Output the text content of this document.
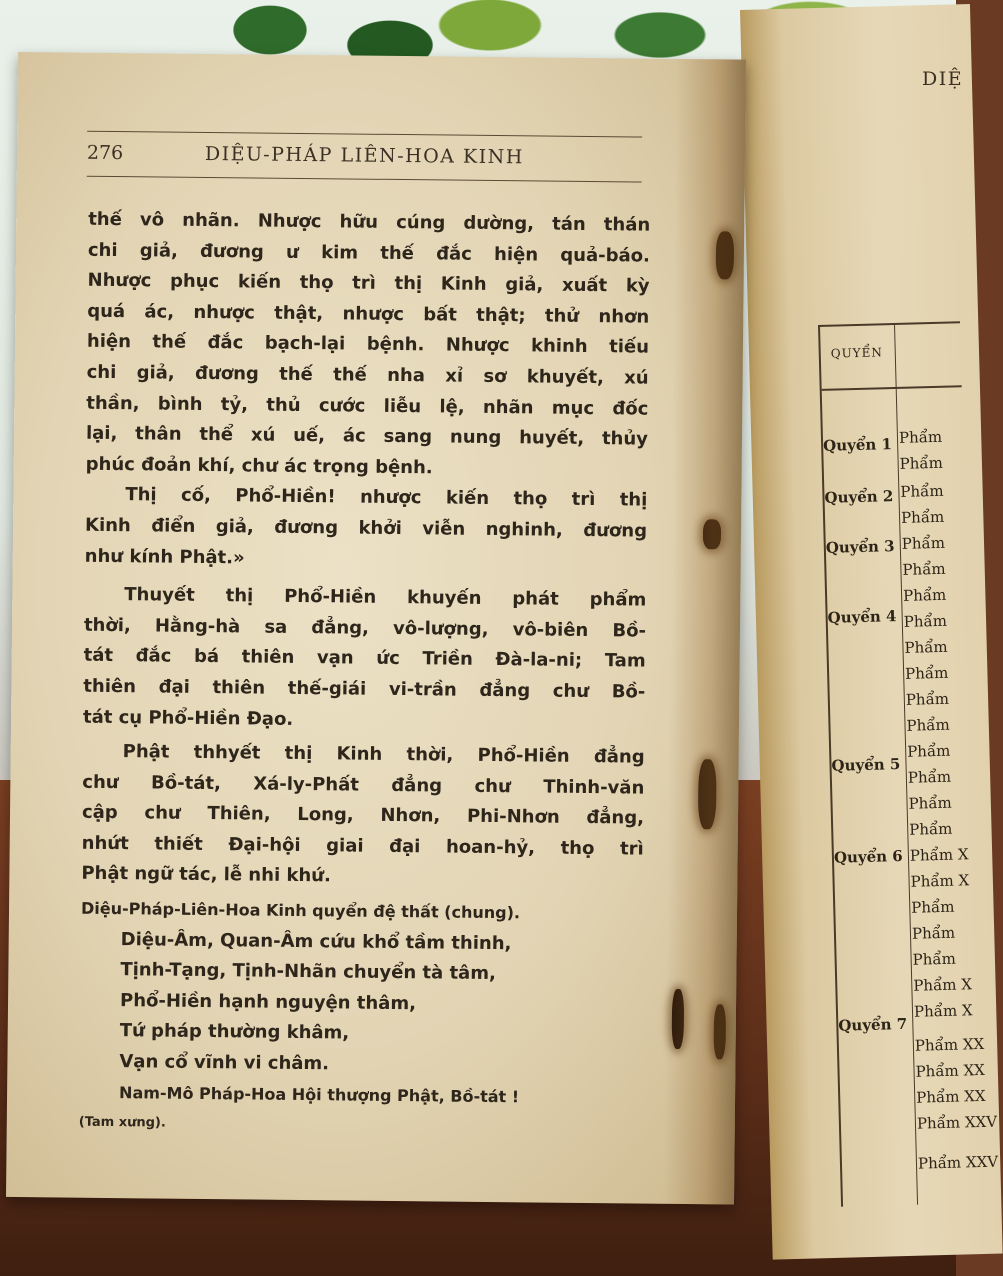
DIỆ
QUYỂN
Quyển 1 Phẩm
Phẩm
Quyển 2 Phẩm
Phẩm
Quyển 3 Phẩm
Phẩm
Phẩm
Quyển 4 Phẩm
Phẩm
Phẩm
Phẩm
Phẩm
Quyển 5
Phẩm
Phẩm
Phẩm
Phẩm
Quyển 6 Phẩm X
Phẩm X
Phẩm
Phẩm
Phẩm
Phẩm X
Phẩm X
Quyển 7
Phẩm XX
Phẩm XX
Phẩm XX
Phẩm XXV
Phẩm XXV
276	DIỆU-PHÁP LIÊN-HOA KINH

thế vô nhãn. Nhược hữu cúng dường, tán thán
chi giả, đương ư kim thế đắc hiện quả-báo.
Nhược phục kiến thọ trì thị Kinh giả, xuất kỳ
quá ác, nhược thật, nhược bất thật; thử nhơn
hiện thế đắc bạch-lại bệnh. Nhược khinh tiếu
chi giả, đương thế thế nha xỉ sơ khuyết, xú
thần, bình tỷ, thủ cước liễu lệ, nhãn mục đốc
lại, thân thể xú uế, ác sang nung huyết, thủy
phúc đoản khí, chư ác trọng bệnh.

Thị cố, Phổ-Hiền! nhược kiến thọ trì thị
Kinh điển giả, đương khởi viễn nghinh, đương
như kính Phật.»

Thuyết thị Phổ-Hiền khuyến phát phẩm
thời, Hằng-hà sa đẳng, vô-lượng, vô-biên Bồ-
tát đắc bá thiên vạn ức Triền Đà-la-ni; Tam
thiên đại thiên thế-giái vi-trần đẳng chư Bồ-
tát cụ Phổ-Hiền Đạo.

Phật thhyết thị Kinh thời, Phổ-Hiền đẳng
chư Bồ-tát, Xá-ly-Phất đẳng chư Thinh-văn
cập chư Thiên, Long, Nhơn, Phi-Nhơn đẳng,
nhứt thiết Đại-hội giai đại hoan-hỷ, thọ trì
Phật ngữ tác, lễ nhi khứ.

Diệu-Pháp-Liên-Hoa Kinh quyển đệ thất (chung).

Diệu-Âm, Quan-Âm cứu khổ tầm thinh,
Tịnh-Tạng, Tịnh-Nhãn chuyển tà tâm,
Phổ-Hiền hạnh nguyện thâm,
Tứ pháp thường khâm,
Vạn cổ vĩnh vi châm.
Nam-Mô Pháp-Hoa Hội thượng Phật, Bồ-tát !
(Tam xưng).
